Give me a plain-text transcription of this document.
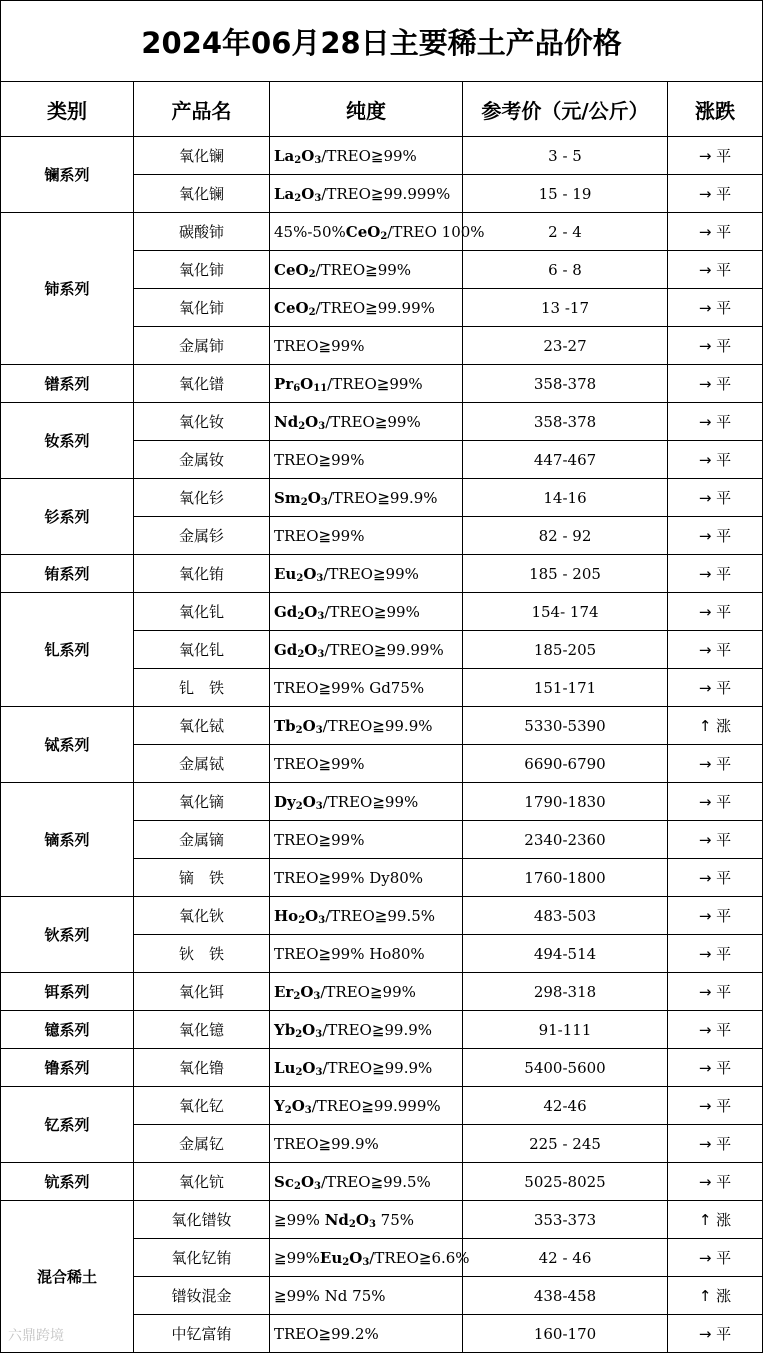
2024年06月28日主要稀土产品价格				
类别	产品名	纯度	参考价（元/公斤）	涨跌
镧系列	氧化镧	$La_2O_3/TREO≧99\%$	3 - 5	→ 平
	氧化镧	$La_2O_3/TREO≧99.999\%$	15 - 19	→ 平
铈系列	碳酸铈	45%-50%CeO$_2$/TREO 100%	2 - 4	→ 平
	氧化铈	CeO$_2$/TREO≧99%	6 - 8	→ 平
	氧化铈	CeO$_2$/TREO≧99.99%	13 -17	→ 平
	金属铈	TREO≧99%	23-27	→ 平
镨系列	氧化镨	$Pr_6O_{11}/TREO≧99\%$	358-378	→ 平
钕系列	氧化钕	$Nd_2O_3/TREO≧99\%$	358-378	→ 平
	金属钕	TREO≧99%	447-467	→ 平
钐系列	氧化钐	$Sm_2O_3/TREO≧99.9\%$	14-16	→ 平
	金属钐	TREO≧99%	82 - 92	→ 平
铕系列	氧化铕	$Eu_2O_3/TREO≧99\%$	185 - 205	→ 平
钆系列	氧化钆	$Gd_2O_3/TREO≧99\%$	154- 174	→ 平
	氧化钆	$Gd_2O_3/TREO≧99.99\%$	185-205	→ 平
	钆　铁	TREO≧99% Gd75%	151-171	→ 平
铽系列	氧化铽	$Tb_2O_3/TREO≧99.9\%$	5330-5390	↑ 涨
	金属铽	TREO≧99%	6690-6790	→ 平
镝系列	氧化镝	$Dy_2O_3/TREO≧99\%$	1790-1830	→ 平
	金属镝	TREO≧99%	2340-2360	→ 平
	镝　铁	TREO≧99% Dy80%	1760-1800	→ 平
钬系列	氧化钬	$Ho_2O_3/TREO≧99.5\%$	483-503	→ 平
	钬　铁	TREO≧99% Ho80%	494-514	→ 平
铒系列	氧化铒	$Er_2O_3/TREO≧99\%$	298-318	→ 平
镱系列	氧化镱	$Yb_2O_3/TREO≧99.9\%$	91-111	→ 平
镥系列	氧化镥	$Lu_2O_3/TREO≧99.9\%$	5400-5600	→ 平
钇系列	氧化钇	$Y_2O_3/TREO≧99.999\%$	42-46	→ 平
	金属钇	TREO≧99.9%	225 - 245	→ 平
钪系列	氧化钪	$Sc_2O_3/TREO≧99.5\%$	5025-8025	→ 平
混合稀土	氧化镨钕	≧99% $Nd_2O_3$ 75%	353-373	↑ 涨
	氧化钇铕	$≧99\%Eu_2O_3/TREO≧6.6\%$	42 - 46	→ 平
	镨钕混金	≧99% Nd 75%	438-458	↑ 涨
	中钇富铕	TREO≧99.2%	160-170	→ 平
六鼎跨境
